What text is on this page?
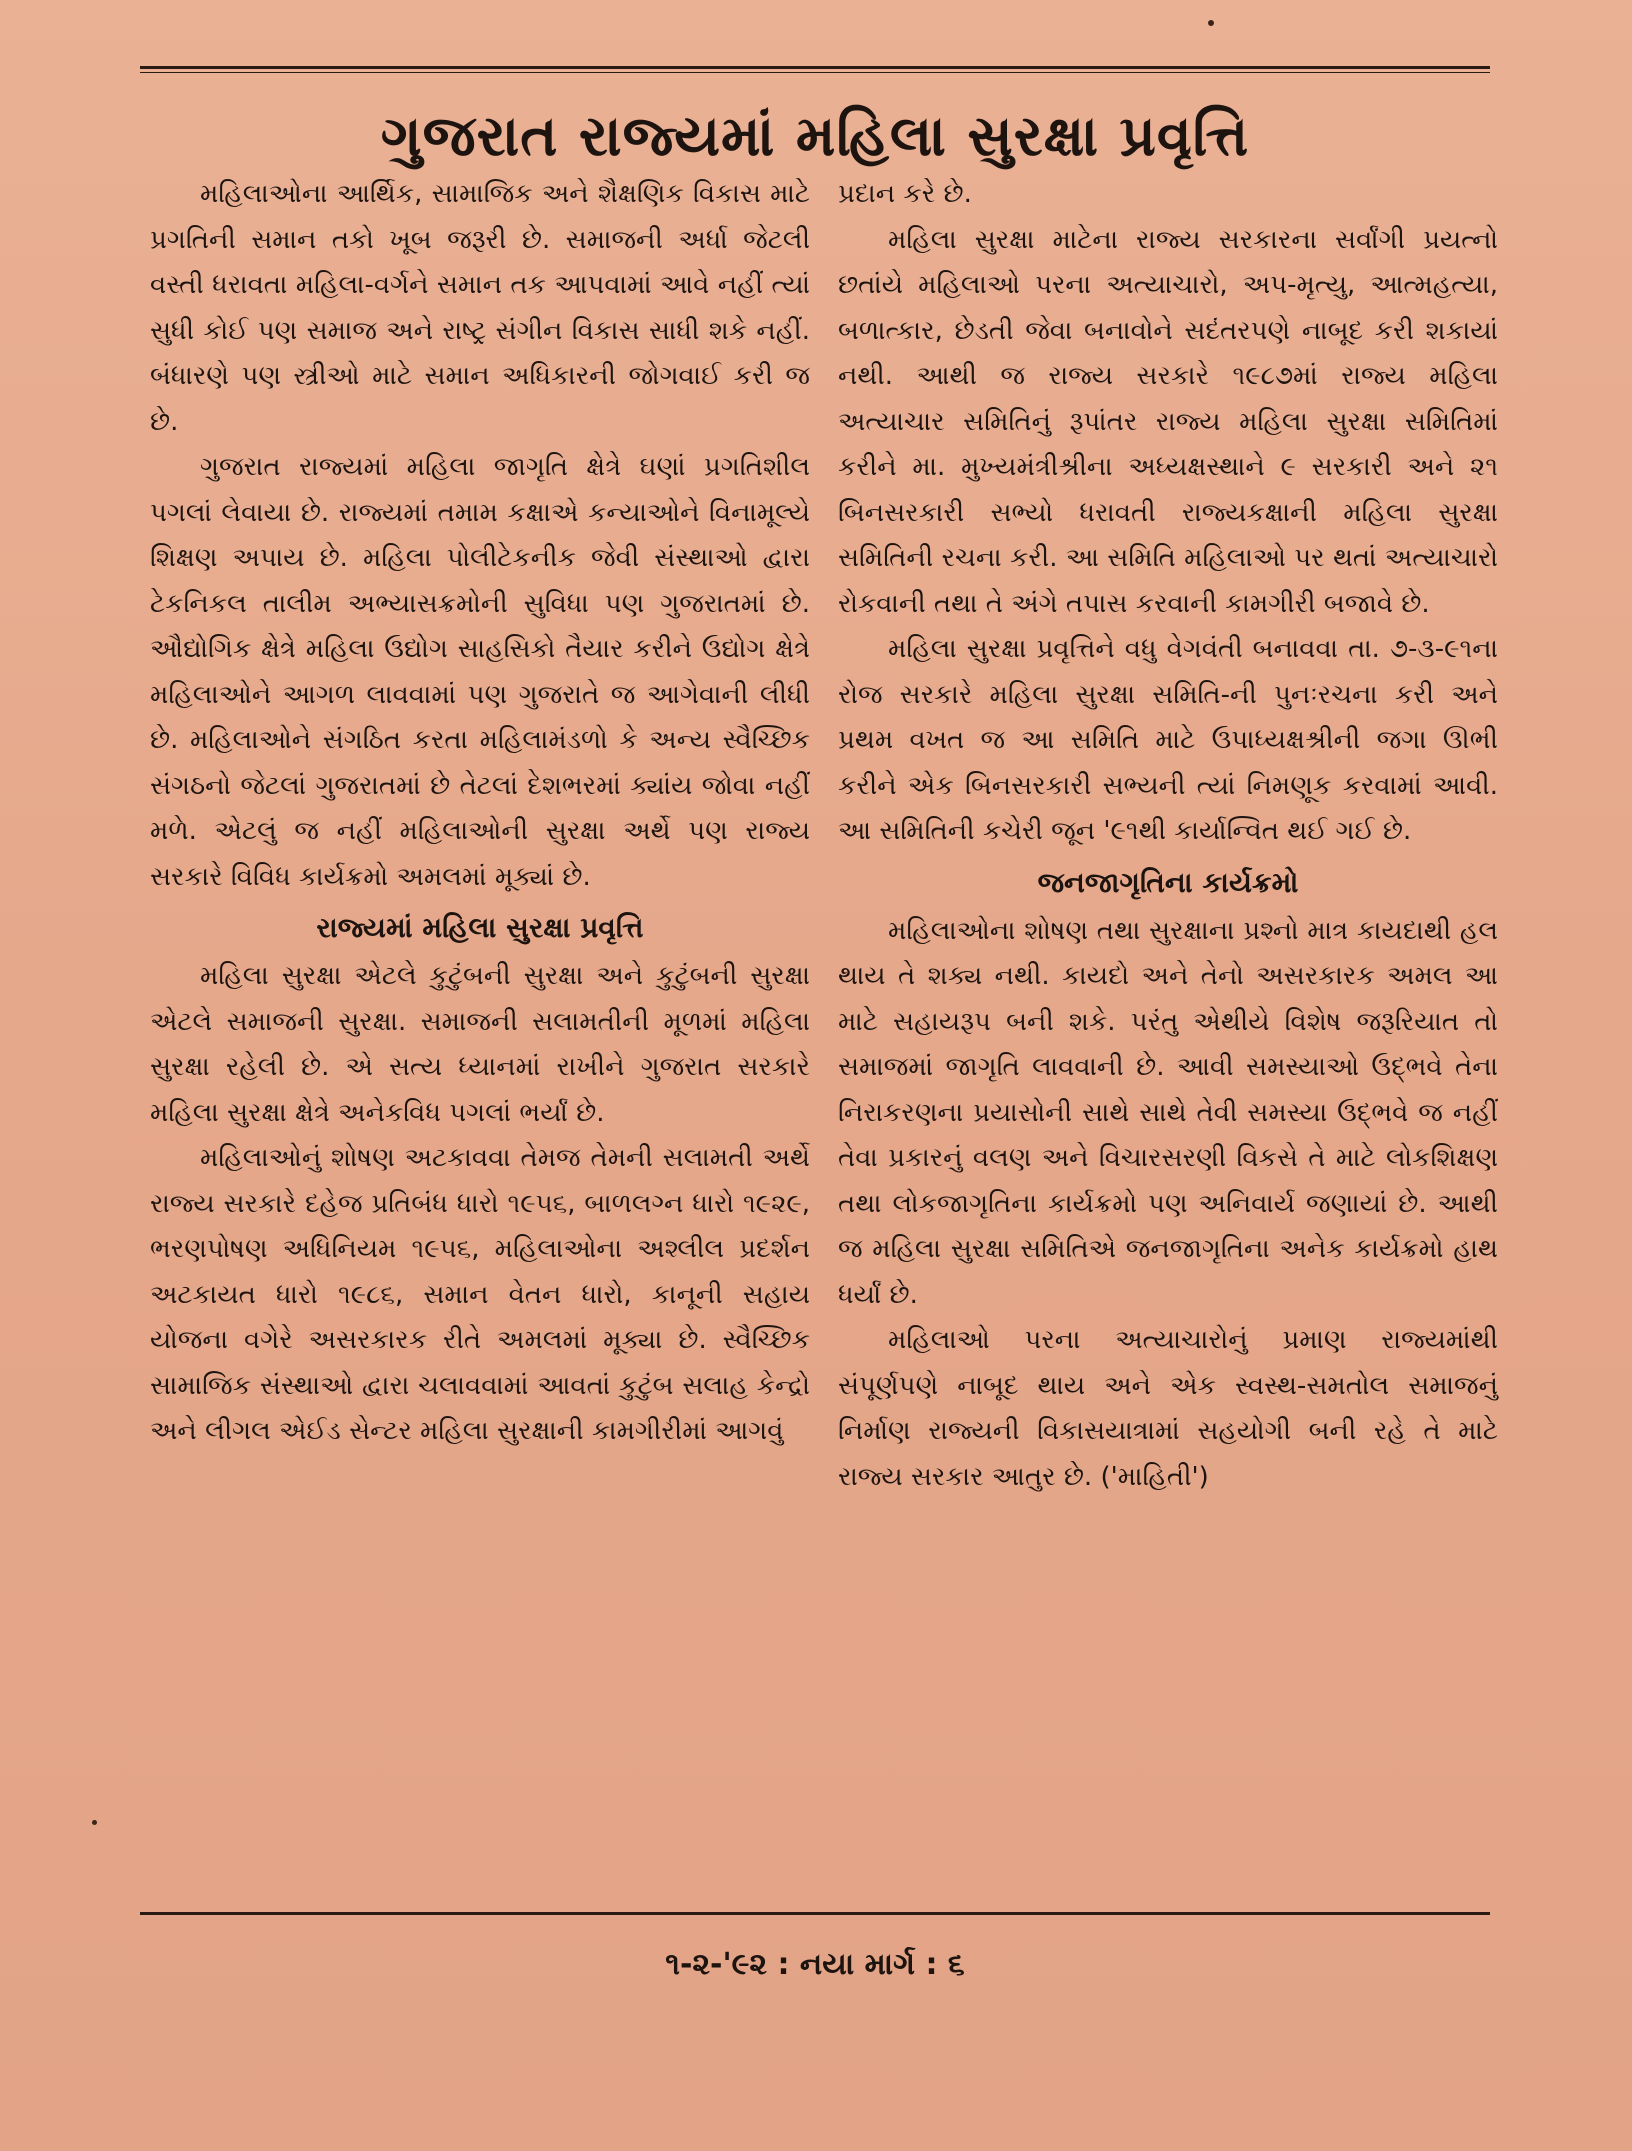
ગુજરાત રાજ્યમાં મહિલા સુરક્ષા પ્રવૃત્તિ

મહિલાઓના આર્થિક, સામાજિક અને શૈક્ષણિક વિકાસ માટે પ્રગતિની સમાન તકો ખૂબ જરૂરી છે. સમાજની અર્ધા જેટલી વસ્તી ધરાવતા મહિલા-વર્ગને સમાન તક આપવામાં આવે નહીં ત્યાં સુધી કોઈ પણ સમાજ અને રાષ્ટ્ર સંગીન વિકાસ સાધી શકે નહીં. બંધારણે પણ સ્ત્રીઓ માટે સમાન અધિકારની જોગવાઈ કરી જ છે.

ગુજરાત રાજ્યમાં મહિલા જાગૃતિ ક્ષેત્રે ઘણાં પ્રગતિશીલ પગલાં લેવાયા છે. રાજ્યમાં તમામ કક્ષાએ કન્યાઓને વિનામૂલ્યે શિક્ષણ અપાય છે. મહિલા પોલીટેકનીક જેવી સંસ્થાઓ દ્વારા ટેકનિકલ તાલીમ અભ્યાસક્રમોની સુવિધા પણ ગુજરાતમાં છે. ઔદ્યોગિક ક્ષેત્રે મહિલા ઉદ્યોગ સાહસિકો તૈયાર કરીને ઉદ્યોગ ક્ષેત્રે મહિલાઓને આગળ લાવવામાં પણ ગુજરાતે જ આગેવાની લીધી છે. મહિલાઓને સંગઠિત કરતા મહિલામંડળો કે અન્ય સ્વૈચ્છિક સંગઠનો જેટલાં ગુજરાતમાં છે તેટલાં દેશભરમાં ક્યાંય જોવા નહીં મળે. એટલું જ નહીં મહિલાઓની સુરક્ષા અર્થે પણ રાજ્ય સરકારે વિવિધ કાર્યક્રમો અમલમાં મૂક્યાં છે.

રાજ્યમાં મહિલા સુરક્ષા પ્રવૃત્તિ

મહિલા સુરક્ષા એટલે કુટુંબની સુરક્ષા અને કુટુંબની સુરક્ષા એટલે સમાજની સુરક્ષા. સમાજની સલામતીની મૂળમાં મહિલા સુરક્ષા રહેલી છે. એ સત્ય ધ્યાનમાં રાખીને ગુજરાત સરકારે મહિલા સુરક્ષા ક્ષેત્રે અનેકવિધ પગલાં ભર્યાં છે.

મહિલાઓનું શોષણ અટકાવવા તેમજ તેમની સલામતી અર્થે રાજ્ય સરકારે દહેજ પ્રતિબંધ ધારો ૧૯૫૬, બાળલગ્ન ધારો ૧૯૨૯, ભરણપોષણ અધિનિયમ ૧૯૫૬, મહિલાઓના અશ્લીલ પ્રદર્શન અટકાયત ધારો ૧૯૮૬, સમાન વેતન ધારો, કાનૂની સહાય યોજના વગેરે અસરકારક રીતે અમલમાં મૂક્યા છે. સ્વૈચ્છિક સામાજિક સંસ્થાઓ દ્વારા ચલાવવામાં આવતાં કુટુંબ સલાહ કેન્દ્રો અને લીગલ એઈડ સેન્ટર મહિલા સુરક્ષાની કામગીરીમાં આગવું

પ્રદાન કરે છે.

મહિલા સુરક્ષા માટેના રાજ્ય સરકારના સર્વાંગી પ્રયત્નો છતાંયે મહિલાઓ પરના અત્યાચારો, અપ-મૃત્યુ, આત્મહત્યા, બળાત્કાર, છેડતી જેવા બનાવોને સદંતરપણે નાબૂદ કરી શકાયાં નથી. આથી જ રાજ્ય સરકારે ૧૯૮૭માં રાજ્ય મહિલા અત્યાચાર સમિતિનું રૂપાંતર રાજ્ય મહિલા સુરક્ષા સમિતિમાં કરીને મા. મુખ્યમંત્રીશ્રીના અધ્યક્ષસ્થાને ૯ સરકારી અને ૨૧ બિનસરકારી સભ્યો ધરાવતી રાજ્યકક્ષાની મહિલા સુરક્ષા સમિતિની રચના કરી. આ સમિતિ મહિલાઓ પર થતાં અત્યાચારો રોકવાની તથા તે અંગે તપાસ કરવાની કામગીરી બજાવે છે.

મહિલા સુરક્ષા પ્રવૃત્તિને વધુ વેગવંતી બનાવવા તા. ૭-૩-૯૧ના રોજ સરકારે મહિલા સુરક્ષા સમિતિ-ની પુનઃરચના કરી અને પ્રથમ વખત જ આ સમિતિ માટે ઉપાધ્યક્ષશ્રીની જગા ઊભી કરીને એક બિનસરકારી સભ્યની ત્યાં નિમણૂક કરવામાં આવી. આ સમિતિની કચેરી જૂન '૯૧થી કાર્યાન્વિત થઈ ગઈ છે.

જનજાગૃતિના કાર્યક્રમો

મહિલાઓના શોષણ તથા સુરક્ષાના પ્રશ્નો માત્ર કાયદાથી હલ થાય તે શક્ય નથી. કાયદો અને તેનો અસરકારક અમલ આ માટે સહાયરૂપ બની શકે. પરંતુ એથીયે વિશેષ જરૂરિયાત તો સમાજમાં જાગૃતિ લાવવાની છે. આવી સમસ્યાઓ ઉદ્ભવે તેના નિરાકરણના પ્રયાસોની સાથે સાથે તેવી સમસ્યા ઉદ્ભવે જ નહીં તેવા પ્રકારનું વલણ અને વિચારસરણી વિકસે તે માટે લોકશિક્ષણ તથા લોકજાગૃતિના કાર્યક્રમો પણ અનિવાર્ય જણાયાં છે. આથી જ મહિલા સુરક્ષા સમિતિએ જનજાગૃતિના અનેક કાર્યક્રમો હાથ ધર્યાં છે.

મહિલાઓ પરના અત્યાચારોનું પ્રમાણ રાજ્યમાંથી સંપૂર્ણપણે નાબૂદ થાય અને એક સ્વસ્થ-સમતોલ સમાજનું નિર્માણ રાજ્યની વિકાસયાત્રામાં સહયોગી બની રહે તે માટે રાજ્ય સરકાર આતુર છે. ('માહિતી')

૧-૨-'૯૨ : નયા માર્ગ : ૬
